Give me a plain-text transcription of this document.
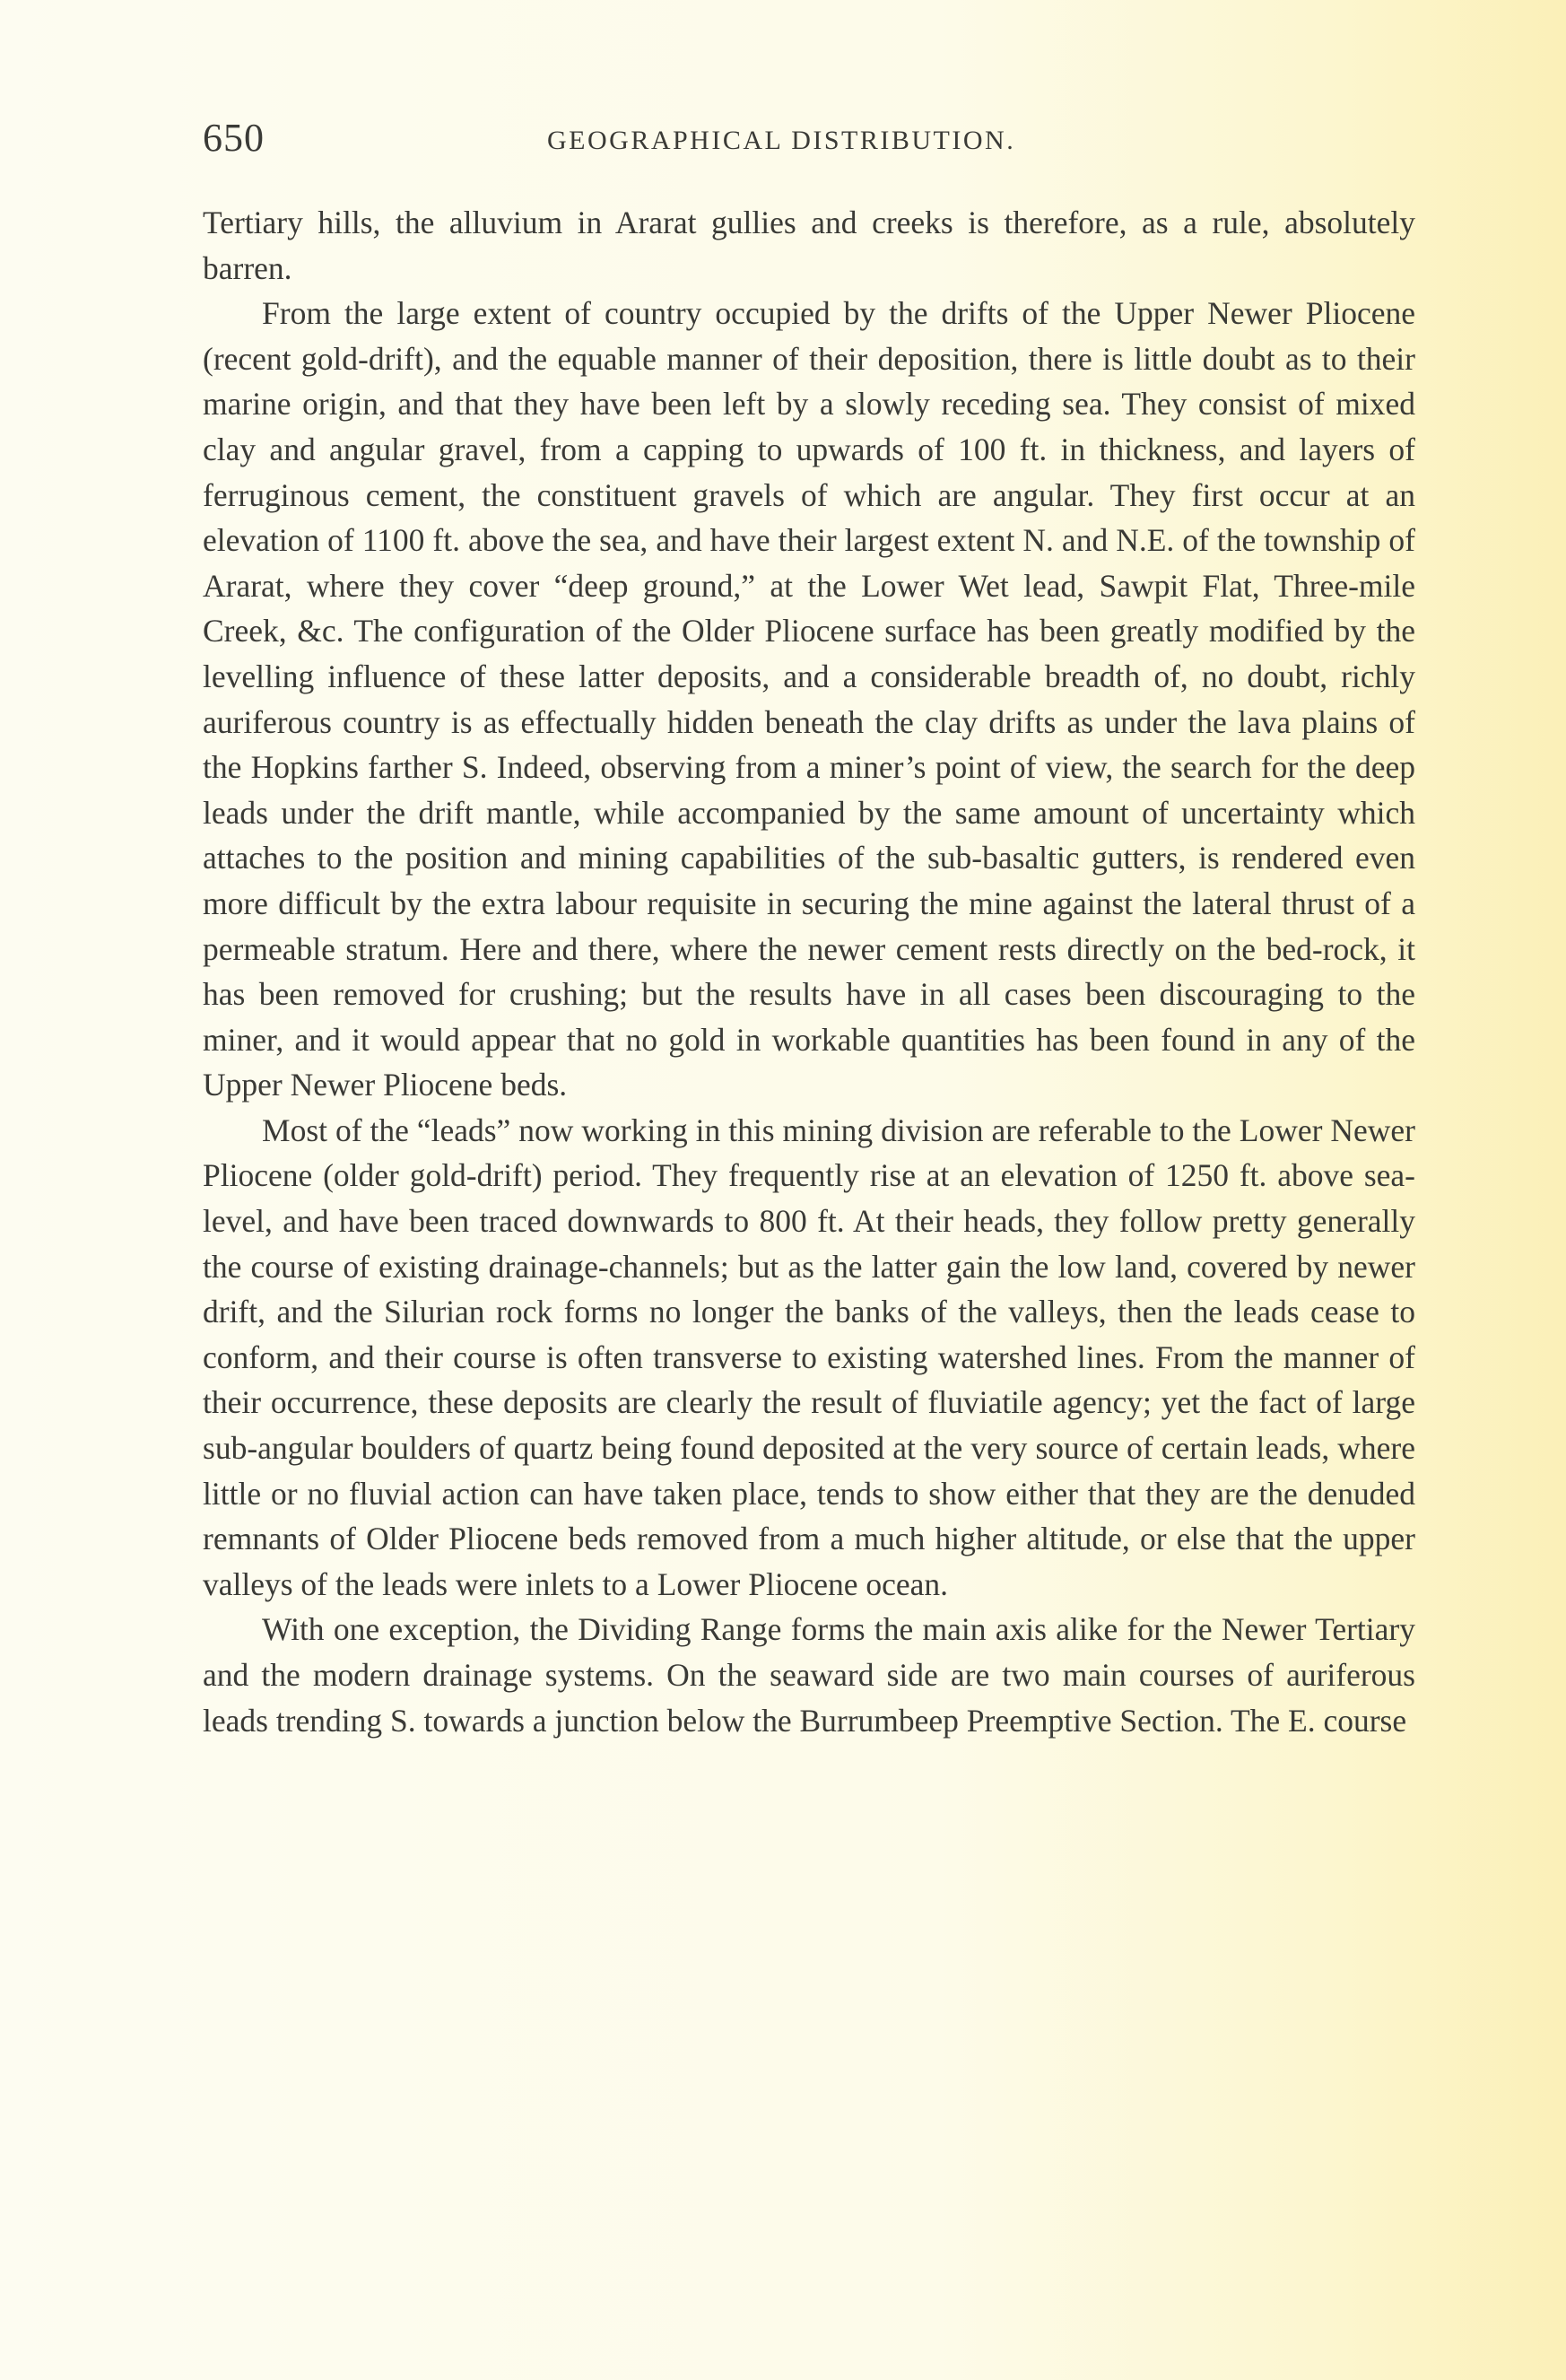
650	GEOGRAPHICAL DISTRIBUTION.

Tertiary hills, the alluvium in Ararat gullies and creeks is therefore, as a rule, absolutely barren.

From the large extent of country occupied by the drifts of the Upper Newer Pliocene (recent gold-drift), and the equable manner of their deposition, there is little doubt as to their marine origin, and that they have been left by a slowly receding sea. They consist of mixed clay and angular gravel, from a capping to upwards of 100 ft. in thickness, and layers of ferruginous cement, the constituent gravels of which are angular. They first occur at an elevation of 1100 ft. above the sea, and have their largest extent N. and N.E. of the township of Ararat, where they cover “deep ground,” at the Lower Wet lead, Sawpit Flat, Three-mile Creek, &c. The configuration of the Older Pliocene surface has been greatly modified by the levelling influence of these latter deposits, and a considerable breadth of, no doubt, richly auriferous country is as effectually hidden beneath the clay drifts as under the lava plains of the Hopkins farther S. Indeed, observing from a miner’s point of view, the search for the deep leads under the drift mantle, while accompanied by the same amount of uncertainty which attaches to the position and mining capabilities of the sub-basaltic gutters, is rendered even more difficult by the extra labour requisite in securing the mine against the lateral thrust of a permeable stratum. Here and there, where the newer cement rests directly on the bed-rock, it has been removed for crushing; but the results have in all cases been discouraging to the miner, and it would appear that no gold in workable quantities has been found in any of the Upper Newer Pliocene beds.

Most of the “leads” now working in this mining division are referable to the Lower Newer Pliocene (older gold-drift) period. They frequently rise at an elevation of 1250 ft. above sea-level, and have been traced downwards to 800 ft. At their heads, they follow pretty generally the course of existing drainage-channels; but as the latter gain the low land, covered by newer drift, and the Silurian rock forms no longer the banks of the valleys, then the leads cease to conform, and their course is often transverse to existing watershed lines. From the manner of their occurrence, these deposits are clearly the result of fluviatile agency; yet the fact of large sub-angular boulders of quartz being found deposited at the very source of certain leads, where little or no fluvial action can have taken place, tends to show either that they are the denuded remnants of Older Pliocene beds removed from a much higher altitude, or else that the upper valleys of the leads were inlets to a Lower Pliocene ocean.

With one exception, the Dividing Range forms the main axis alike for the Newer Tertiary and the modern drainage systems. On the seaward side are two main courses of auriferous leads trending S. towards a junction below the Burrumbeep Preemptive Section. The E. course
